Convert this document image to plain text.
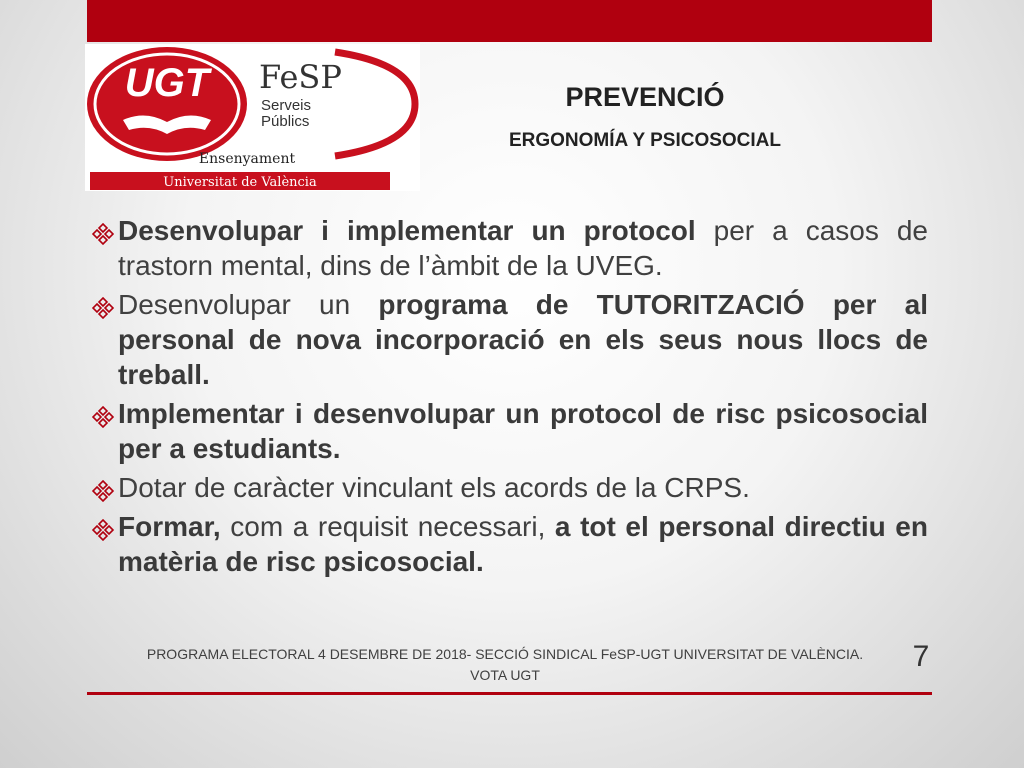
UGT FeSP
Serveis
Públics
Ensenyament
Universitat de València
PREVENCIÓ
ERGONOMÍA Y PSICOSOCIAL
Desenvolupar i implementar un protocol per a casos de trastorn mental, dins de l’àmbit de la UVEG.
Desenvolupar un programa de TUTORITZACIÓ per al personal de nova incorporació en els seus nous llocs de treball.
Implementar i desenvolupar un protocol de risc psicosocial per a estudiants.
Dotar de caràcter vinculant els acords de la CRPS.
Formar, com a requisit necessari, a tot el personal directiu en matèria de risc psicosocial.
PROGRAMA ELECTORAL 4 DESEMBRE DE 2018- SECCIÓ SINDICAL FeSP-UGT UNIVERSITAT DE VALÈNCIA.
VOTA UGT
7
